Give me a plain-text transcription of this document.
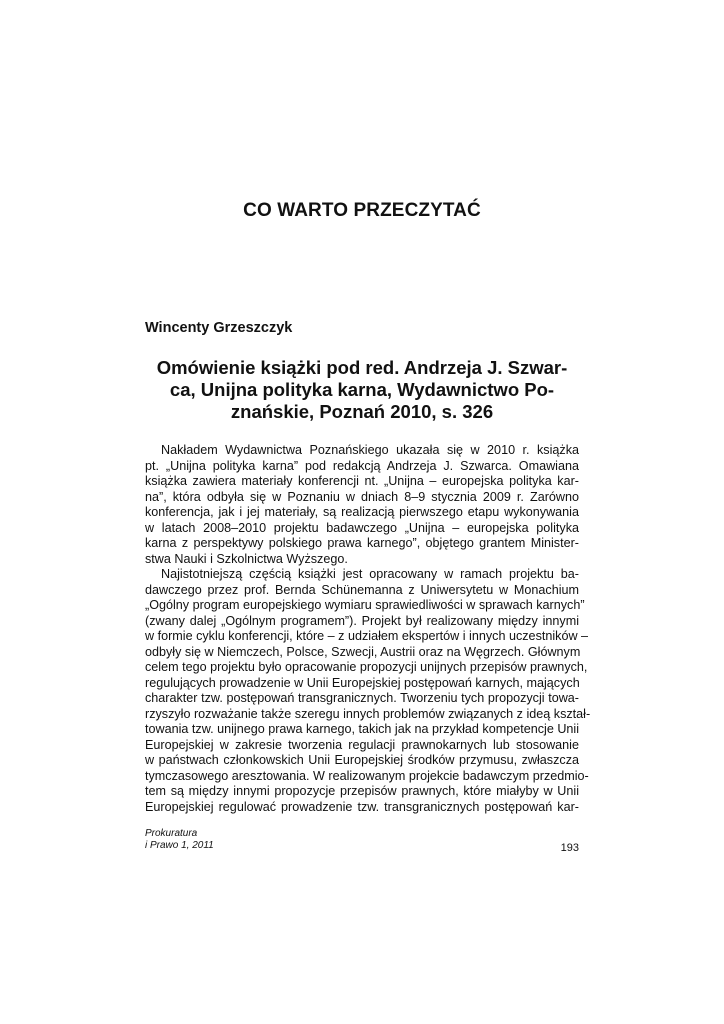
CO WARTO PRZECZYTAĆ
Wincenty Grzeszczyk
Omówienie książki pod red. Andrzeja J. Szwar-
ca, Unijna polityka karna, Wydawnictwo Po-
znańskie, Poznań 2010, s. 326
Nakładem Wydawnictwa Poznańskiego ukazała się w 2010 r. książka
pt. „Unijna polityka karna” pod redakcją Andrzeja J. Szwarca. Omawiana
książka zawiera materiały konferencji nt. „Unijna – europejska polityka kar-
na”, która odbyła się w Poznaniu w dniach 8–9 stycznia 2009 r. Zarówno
konferencja, jak i jej materiały, są realizacją pierwszego etapu wykonywania
w latach 2008–2010 projektu badawczego „Unijna – europejska polityka
karna z perspektywy polskiego prawa karnego”, objętego grantem Minister-
stwa Nauki i Szkolnictwa Wyższego.
Najistotniejszą częścią książki jest opracowany w ramach projektu ba-
dawczego przez prof. Bernda Schünemanna z Uniwersytetu w Monachium
„Ogólny program europejskiego wymiaru sprawiedliwości w sprawach karnych”
(zwany dalej „Ogólnym programem”). Projekt był realizowany między innymi
w formie cyklu konferencji, które – z udziałem ekspertów i innych uczestników –
odbyły się w Niemczech, Polsce, Szwecji, Austrii oraz na Węgrzech. Głównym
celem tego projektu było opracowanie propozycji unijnych przepisów prawnych,
regulujących prowadzenie w Unii Europejskiej postępowań karnych, mających
charakter tzw. postępowań transgranicznych. Tworzeniu tych propozycji towa-
rzyszyło rozważanie także szeregu innych problemów związanych z ideą kształ-
towania tzw. unijnego prawa karnego, takich jak na przykład kompetencje Unii
Europejskiej w zakresie tworzenia regulacji prawnokarnych lub stosowanie
w państwach członkowskich Unii Europejskiej środków przymusu, zwłaszcza
tymczasowego aresztowania. W realizowanym projekcie badawczym przedmio-
tem są między innymi propozycje przepisów prawnych, które miałyby w Unii
Europejskiej regulować prowadzenie tzw. transgranicznych postępowań kar-
Prokuratura
i Prawo 1, 2011	193
